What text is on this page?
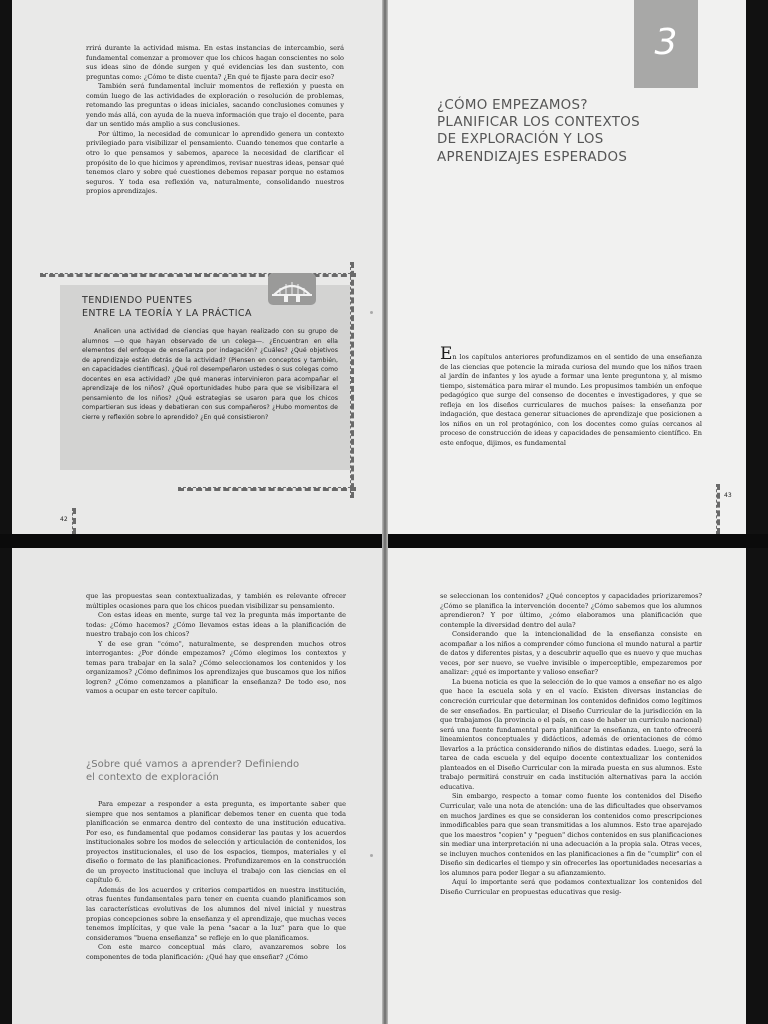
rrirá durante la actividad misma. En estas instancias de intercambio, será fundamental comenzar a promover que los chicos hagan conscientes no solo sus ideas sino de dónde surgen y qué evidencias les dan sustento, con preguntas como: ¿Cómo te diste cuenta? ¿En qué te fijaste para decir eso?

También será fundamental incluir momentos de reflexión y puesta en común luego de las actividades de exploración o resolución de problemas, retomando las preguntas o ideas iniciales, sacando conclusiones comunes y yendo más allá, con ayuda de la nueva información que trajo el docente, para dar un sentido más amplio a sus conclusiones.

Por último, la necesidad de comunicar lo aprendido genera un contexto privilegiado para visibilizar el pensamiento. Cuando tenemos que contarle a otro lo que pensamos y sabemos, aparece la necesidad de clarificar el propósito de lo que hicimos y aprendimos, revisar nuestras ideas, pensar qué tenemos claro y sobre qué cuestiones debemos repasar porque no estamos seguros. Y toda esa reflexión va, naturalmente, consolidando nuestros propios aprendizajes.

TENDIENDO PUENTES
ENTRE LA TEORÍA Y LA PRÁCTICA

Analicen una actividad de ciencias que hayan realizado con su grupo de alumnos —o que hayan observado de un colega—. ¿Encuentran en ella elementos del enfoque de enseñanza por indagación? ¿Cuáles? ¿Qué objetivos de aprendizaje están detrás de la actividad? (Piensen en conceptos y también, en capacidades científicas). ¿Qué rol desempeñaron ustedes o sus colegas como docentes en esa actividad? ¿De qué maneras intervinieron para acompañar el aprendizaje de los niños? ¿Qué oportunidades hubo para que se visibilizara el pensamiento de los niños? ¿Qué estrategias se usaron para que los chicos compartieran sus ideas y debatieran con sus compañeros? ¿Hubo momentos de cierre y reflexión sobre lo aprendido? ¿En qué consistieron?

42
3
¿CÓMO EMPEZAMOS?
PLANIFICAR LOS CONTEXTOS
DE EXPLORACIÓN Y LOS
APRENDIZAJES ESPERADOS

En los capítulos anteriores profundizamos en el sentido de una enseñanza de las ciencias que potencie la mirada curiosa del mundo que los niños traen al jardín de infantes y los ayude a formar una lente preguntona y, al mismo tiempo, sistemática para mirar el mundo. Les propusimos también un enfoque pedagógico que surge del consenso de docentes e investigadores, y que se refleja en los diseños curriculares de muchos países: la enseñanza por indagación, que destaca generar situaciones de aprendizaje que posicionen a los niños en un rol protagónico, con los docentes como guías cercanos al proceso de construcción de ideas y capacidades de pensamiento científico. En este enfoque, dijimos, es fundamental

43

que las propuestas sean contextualizadas, y también es relevante ofrecer múltiples ocasiones para que los chicos puedan visibilizar su pensamiento.

Con estas ideas en mente, surge tal vez la pregunta más importante de todas: ¿Cómo hacemos? ¿Cómo llevamos estas ideas a la planificación de nuestro trabajo con los chicos?

Y de ese gran "cómo", naturalmente, se desprenden muchos otros interrogantes: ¿Por dónde empezamos? ¿Cómo elegimos los contextos y temas para trabajar en la sala? ¿Cómo seleccionamos los contenidos y los organizamos? ¿Cómo definimos los aprendizajes que buscamos que los niños logren? ¿Cómo comenzamos a planificar la enseñanza? De todo eso, nos vamos a ocupar en este tercer capítulo.

¿Sobre qué vamos a aprender? Definiendo
el contexto de exploración

Para empezar a responder a esta pregunta, es importante saber que siempre que nos sentamos a planificar debemos tener en cuenta que toda planificación se enmarca dentro del contexto de una institución educativa. Por eso, es fundamental que podamos considerar las pautas y los acuerdos institucionales sobre los modos de selección y articulación de contenidos, los proyectos institucionales, el uso de los espacios, tiempos, materiales y el diseño o formato de las planificaciones. Profundizaremos en la construcción de un proyecto institucional que incluya el trabajo con las ciencias en el capítulo 6.

Además de los acuerdos y criterios compartidos en nuestra institución, otras fuentes fundamentales para tener en cuenta cuando planificamos son las características evolutivas de los alumnos del nivel inicial y nuestras propias concepciones sobre la enseñanza y el aprendizaje, que muchas veces tenemos implícitas, y que vale la pena "sacar a la luz" para que lo que consideramos "buena enseñanza" se refleje en lo que planificamos.

Con este marco conceptual más claro, avanzaremos sobre los componentes de toda planificación: ¿Qué hay que enseñar? ¿Cómo

se seleccionan los contenidos? ¿Qué conceptos y capacidades priorizaremos? ¿Cómo se planifica la intervención docente? ¿Cómo sabemos que los alumnos aprendieron? Y por último, ¿cómo elaboramos una planificación que contemple la diversidad dentro del aula?

Considerando que la intencionalidad de la enseñanza consiste en acompañar a los niños a comprender cómo funciona el mundo natural a partir de datos y diferentes pistas, y a descubrir aquello que es nuevo y que muchas veces, por ser nuevo, se vuelve invisible o imperceptible, empezaremos por analizar: ¿qué es importante y valioso enseñar?

La buena noticia es que la selección de lo que vamos a enseñar no es algo que hace la escuela sola y en el vacío. Existen diversas instancias de concreción curricular que determinan los contenidos definidos como legítimos de ser enseñados. En particular, el Diseño Curricular de la jurisdicción en la que trabajamos (la provincia o el país, en caso de haber un currículo nacional) será una fuente fundamental para planificar la enseñanza, en tanto ofrecerá lineamientos conceptuales y didácticos, además de orientaciones de cómo llevarlos a la práctica considerando niños de distintas edades. Luego, será la tarea de cada escuela y del equipo docente contextualizar los contenidos planteados en el Diseño Curricular con la mirada puesta en sus alumnos. Este trabajo permitirá construir en cada institución alternativas para la acción educativa.

Sin embargo, respecto a tomar como fuente los contenidos del Diseño Curricular, vale una nota de atención: una de las dificultades que observamos en muchos jardines es que se consideran los contenidos como prescripciones inmodificables para que sean transmitidas a los alumnos. Esto trae aparejado que los maestros "copien" y "peguen" dichos contenidos en sus planificaciones sin mediar una interpretación ni una adecuación a la propia sala. Otras veces, se incluyen muchos contenidos en las planificaciones a fin de "cumplir" con el Diseño sin dedicarles el tiempo y sin ofrecerles las oportunidades necesarias a los alumnos para poder llegar a su afianzamiento.

Aquí lo importante será que podamos contextualizar los contenidos del Diseño Curricular en propuestas educativas que resig-
